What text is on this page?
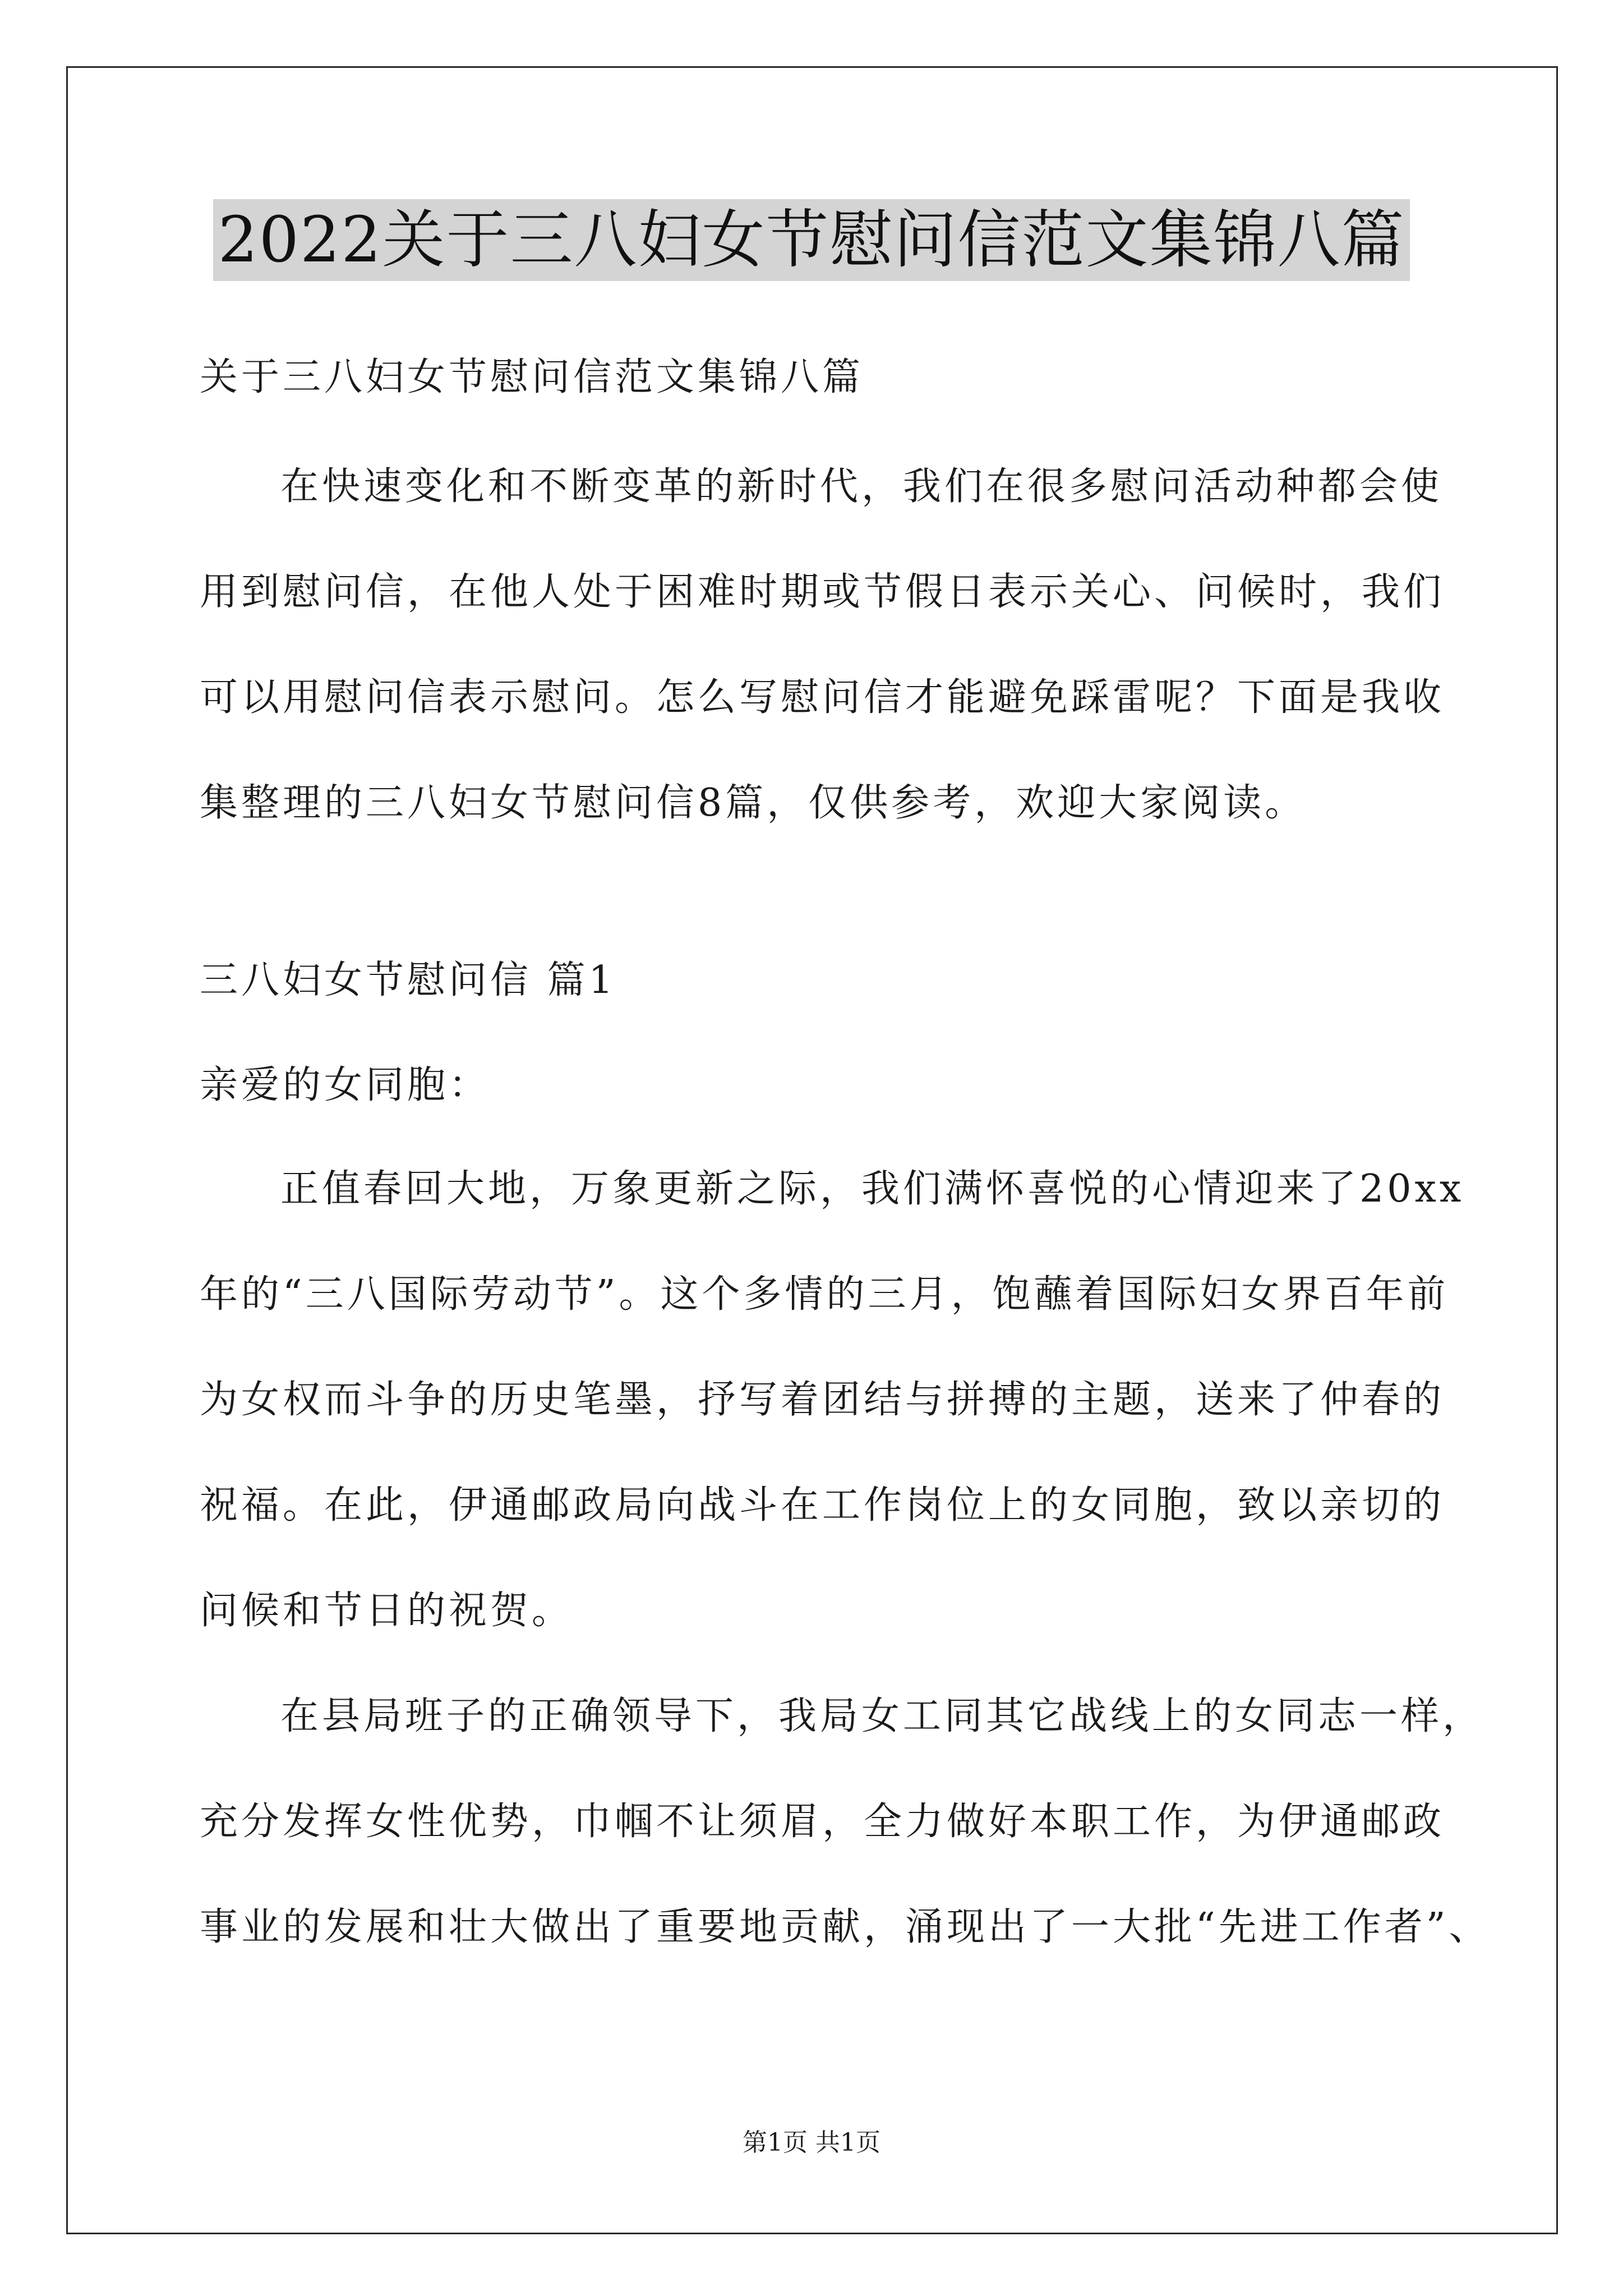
2022关于三八妇女节慰问信范文集锦八篇
关于三八妇女节慰问信范文集锦八篇
在快速变化和不断变革的新时代，我们在很多慰问活动种都会使
用到慰问信，在他人处于困难时期或节假日表示关心、问候时，我们
可以用慰问信表示慰问。怎么写慰问信才能避免踩雷呢？下面是我收
集整理的三八妇女节慰问信8篇，仅供参考，欢迎大家阅读。
三八妇女节慰问信 篇1
亲爱的女同胞：
正值春回大地，万象更新之际，我们满怀喜悦的心情迎来了20xx
年的“三八国际劳动节”。这个多情的三月，饱蘸着国际妇女界百年前
为女权而斗争的历史笔墨，抒写着团结与拼搏的主题，送来了仲春的
祝福。在此，伊通邮政局向战斗在工作岗位上的女同胞，致以亲切的
问候和节日的祝贺。
在县局班子的正确领导下，我局女工同其它战线上的女同志一样，
充分发挥女性优势，巾帼不让须眉，全力做好本职工作，为伊通邮政
事业的发展和壮大做出了重要地贡献，涌现出了一大批“先进工作者”、
第1页 共1页
